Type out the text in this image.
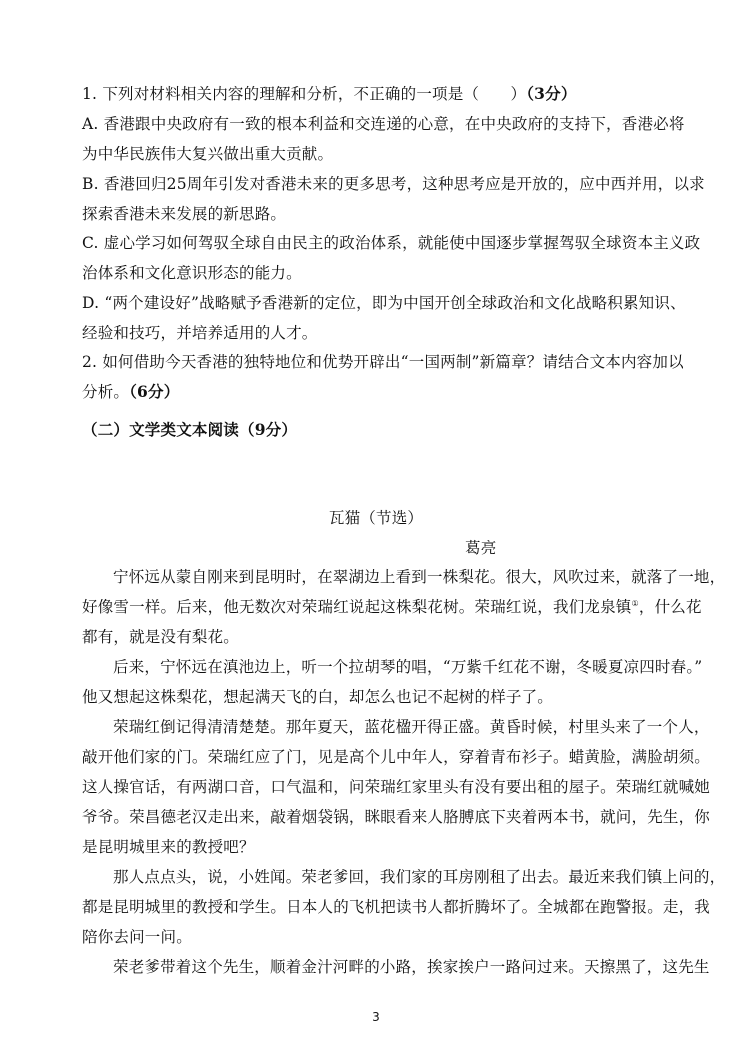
1. 下列对材料相关内容的理解和分析，不正确的一项是（　　）（3分）
A. 香港跟中央政府有一致的根本利益和交连递的心意，在中央政府的支持下，香港必将
为中华民族伟大复兴做出重大贡献。
B. 香港回归25周年引发对香港未来的更多思考，这种思考应是开放的，应中西并用，以求
探索香港未来发展的新思路。
C. 虚心学习如何驾驭全球自由民主的政治体系，就能使中国逐步掌握驾驭全球资本主义政
治体系和文化意识形态的能力。
D. “两个建设好”战略赋予香港新的定位，即为中国开创全球政治和文化战略积累知识、
经验和技巧，并培养适用的人才。
2. 如何借助今天香港的独特地位和优势开辟出“一国两制”新篇章？请结合文本内容加以
分析。（6分）
（二）文学类文本阅读（9分）
瓦猫（节选）
葛亮
宁怀远从蒙自刚来到昆明时，在翠湖边上看到一株梨花。很大，风吹过来，就落了一地，
好像雪一样。后来，他无数次对荣瑞红说起这株梨花树。荣瑞红说，我们龙泉镇①，什么花
都有，就是没有梨花。
后来，宁怀远在滇池边上，听一个拉胡琴的唱，“万紫千红花不谢，冬暖夏凉四时春。”
他又想起这株梨花，想起满天飞的白，却怎么也记不起树的样子了。
荣瑞红倒记得清清楚楚。那年夏天，蓝花楹开得正盛。黄昏时候，村里头来了一个人，
敲开他们家的门。荣瑞红应了门，见是高个儿中年人，穿着青布衫子。蜡黄脸，满脸胡须。
这人操官话，有两湖口音，口气温和，问荣瑞红家里头有没有要出租的屋子。荣瑞红就喊她
爷爷。荣昌德老汉走出来，敲着烟袋锅，眯眼看来人胳膊底下夹着两本书，就问，先生，你
是昆明城里来的教授吧？
那人点点头，说，小姓闻。荣老爹回，我们家的耳房刚租了出去。最近来我们镇上问的，
都是昆明城里的教授和学生。日本人的飞机把读书人都折腾坏了。全城都在跑警报。走，我
陪你去问一问。
荣老爹带着这个先生，顺着金汁河畔的小路，挨家挨户一路问过来。天擦黑了，这先生
3
